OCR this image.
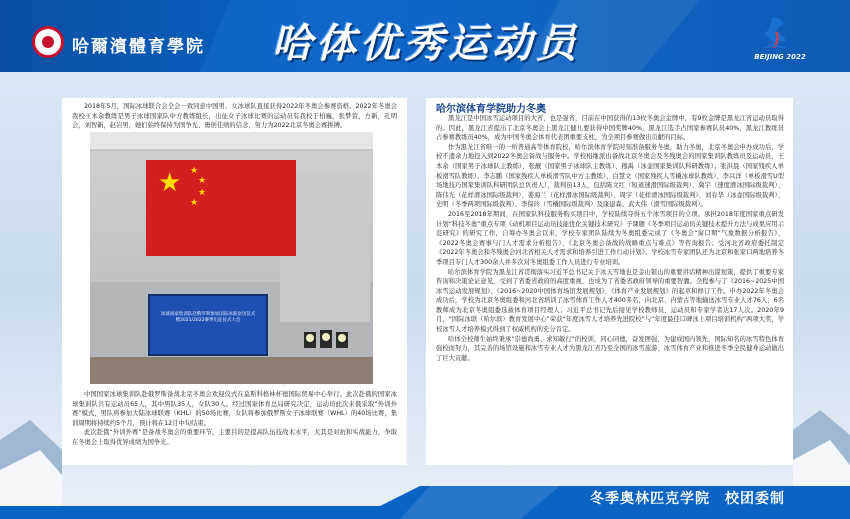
哈爾濱體育學院 哈体优秀运动员	BEIJING 2022

2018年5月，国际冰球联合会全会一致同意中国男、女冰球队直接获得2022年冬奥会参赛资格。2022年冬奥会我校王本余教练是男子冰球国家队中方教练组长，出征女子冰球比赛的运动员有我校于柏巍，张梦萱，方新，孔明会，刘智新，赵岩男，她们始终保持为国争光、勇创佳绩的信念，努力为2022北京冬奥会赛拼搏。

★ ★
★
★
★
冰球国家集训队赴俄罗斯参加国际冰联欢送仪式
暨2021/2022赛季出征仪式大会

中国国家冰球集训队赴俄罗斯备战北京冬奥会欢迎仪式在莫斯科格林杯德国际贸易中心举行。此次赴俄的国家冰球集训队共有运动员65人，其中男队35人，女队30人。经过国家体育总局研究决定，运动员此次来俄采取“外训外赛”模式，男队将参加大陆冰球联赛（KHL）的50场比赛，女队将参加俄罗斯女子冰球联赛（WHL）的40场比赛，集训周期将持续约5个月，预计将在12月中旬结束。

此次赴俄“外训外赛”是备战冬奥会的重要环节，主要目的是提高队伍技战术水平，尤其是对抗和实战能力，争取在冬奥会上取得优异成绩为国争光。

哈尔滨体育学院助力冬奥

黑龙江是中国冰雪运动项目的大省，也是强省，目前在中国获得的13枚冬奥会金牌中，有9枚金牌是黑龙江省运动员取得的。因此，黑龙江省提出了北京冬奥会上黑龙江健儿要获得中国奖牌40%，黑龙江选手占国家参赛队员40%，黑龙江教练员占参赛教练员40%，成为中国冬奥会体育代表团重要支柱，为全项目参赛做出贡献的目标。

作为黑龙江省唯一的一所普通高等体育院校，哈尔滨体育学院时刻准备服务冬奥，助力冬奥，北京冬奥会申办成功后，学校不遗余力地投入到2022冬奥会备战与服务中。学校相继派出备战北京冬奥会及冬残奥会的国家集训队教练员及运动员，王本余（国家男子冰球队主教练）、张靓（国家男子冰球队主教练）、穆禹（冰壶国家集训队科研教练）；张洪晨（国家残疾人单板滑雪队教练）、李志鹏（国家残疾人单板滑雪队中方主教练）、白慧文（国家残疾人雪橇冰球队教练）、李兴洋（单板滑雪U型场地技巧国家集训队科研团队总负责人），裁判员13人，包括陈文红（短道速滑国际级裁判）、冀宇（速度滑冰国际级裁判）、陈伟光（花样滑冰国际级裁判）、姜海兰（花样滑冰国际级裁判）、周宇（花样滑冰国际级裁判）、刘春华（冰壶国际级裁判）、史明（冬季两项国际级裁判）、李保玲（雪橇国际级裁判）及康建森、武大伟（滑雪国际级裁判）。

2016至2018年期间，在国家队科技服务购买项目中，学校陆续夺得五个冰雪项目的立项。承担2018年度国家重点研发计划“科技冬奥”重点专项《动机项目运动员技能优化关键技术研究》子课题《冬季项目运动员关键技术提升方法与成果应用示范研究》的研究工作，自筹办冬奥会以来，学校专家团队陆续为冬奥组委完成了《冬奥会“窗口期”气象数据分析报告》、《2022冬奥会赛事与门人才需求分析报告》、《北京冬奥会备战的战略重点与难点》等咨询报告；受河北省政府委托制定《2022年冬奥会和冬残奥会河北省相关人才需求和培养引进工作行动计划》。学校冰雪专家团队还为北京和张家口两地培养冬季项目专门人才300余人并多次对冬奥组委工作人员进行专业培训。

哈尔滨体育学院为黑龙江省贯彻落实习近平总书记关于冰天雪地也是金山银山的重要讲话精神出谋划策，提供了重要专家咨询和决策论证意见，受到了省委省政府的高度重视，也成为了省委省政府领导的重要智囊。全程参与了《2016~2025中国冰雪运动发展规划》、《2016~2020中国体育场馆发展规划》、《体育产业发展规划》的起草和修订工作。申办2022年冬奥会成功后，学校为北京冬奥组委和河北省培训了冰雪体育工作人才400多名，向北京、内蒙古等地输送冰雪专业人才76人，6名教师成为北京冬奥组委选拔体育项目经理人；习近平总书记先后接见学校教师员、运动员和专家学者达17人次。2020年9月，“国际冰联（哈尔滨）教育发展中心”荣获“年度冰雪人才培养先进院校”与“年度最佳口碑冰上项目培训机构”两项大奖，学校冰雪人才培养模式得到了权威机构的充分肯定。

哈体全校师生始终秉承“崇德尚勇、求知敏行”的校训，同心同德，奋发图强，为建成国内领先、国际知名的冰雪特色体育强校而努力，其完善的场馆设施和冰雪专业人才为黑龙江省乃至全国的冰雪旅游、冰雪体育产业和推进冬季全民健身运动做出了巨大贡献。

冬季奥林匹克学院　校团委制
